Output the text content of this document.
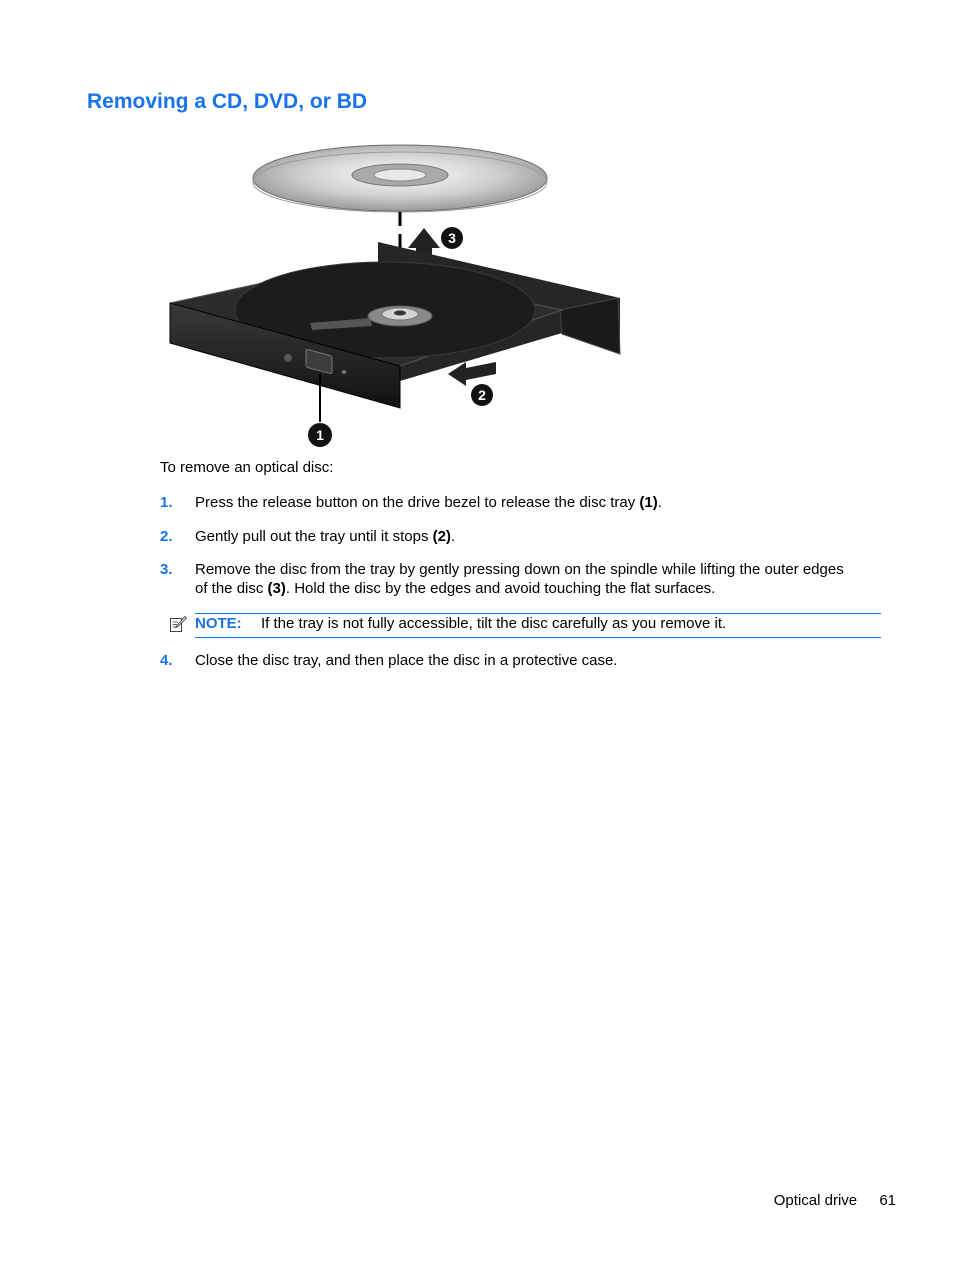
Removing a CD, DVD, or BD
3
2
1
To remove an optical disc:
1. Press the release button on the drive bezel to release the disc tray (1).
2. Gently pull out the tray until it stops (2).
3. Remove the disc from the tray by gently pressing down on the spindle while lifting the outer edges of the disc (3). Hold the disc by the edges and avoid touching the flat surfaces.
NOTE: If the tray is not fully accessible, tilt the disc carefully as you remove it.
4. Close the disc tray, and then place the disc in a protective case.
Optical drive 61
